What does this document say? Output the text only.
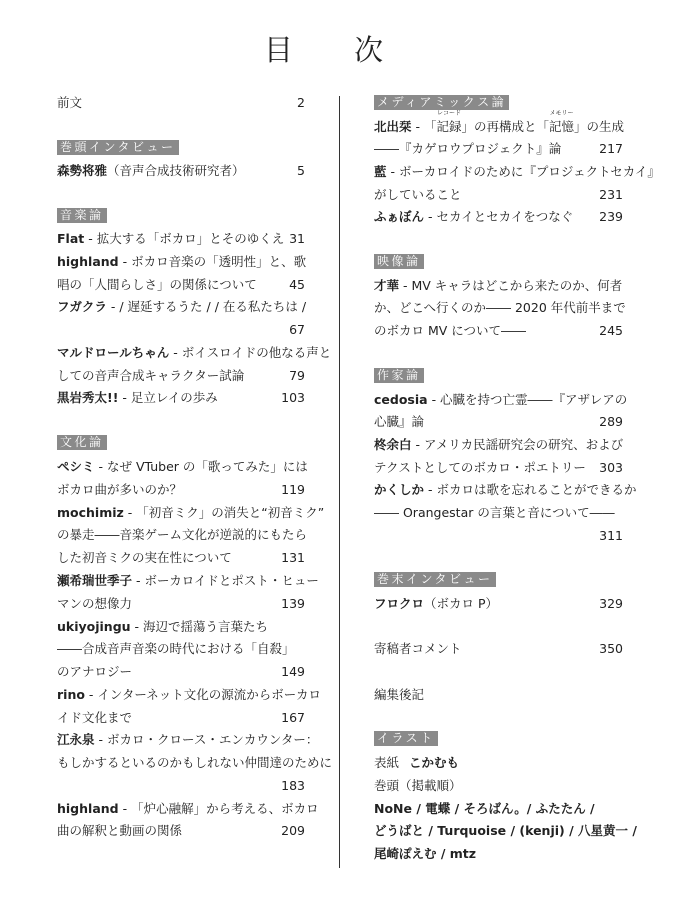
目 次
前文	2
巻頭インタビュー
森勢将雅（音声合成技術研究者）	5
音楽論
Flat - 拡大する「ボカロ」とそのゆくえ 31
highland - ボカロ音楽の「透明性」と、歌
唱の「人間らしさ」の関係について	45
フガクラ - / 遅延するうた / / 在る私たちは /
67
マルドロールちゃん - ボイスロイドの他なる声と
しての音声合成キャラクター試論	79
黒岩秀太!! - 足立レイの歩み	103
文化論
ペシミ - なぜ VTuber の「歌ってみた」には
ボカロ曲が多いのか？	119
mochimiz - 「初音ミク」の消失と“初音ミク”
の暴走――音楽ゲーム文化が逆説的にもたら
した初音ミクの実在性について	131
瀬希瑞世季子 - ボーカロイドとポスト・ヒュー
マンの想像力	139
ukiyojingu - 海辺で揺蕩う言葉たち
――合成音声音楽の時代における「自殺」
のアナロジー	149
rino - インターネット文化の源流からボーカロ
イド文化まで	167
江永泉 - ボカロ・クロース・エンカウンター：
もしかするといるのかもしれない仲間達のために
183
highland - 「炉心融解」から考える、ボカロ
曲の解釈と動画の関係	209
メディアミックス論
北出栞 - 「
レコード
記録」の再構成と「
メモリー
記憶」の生成
――『カゲロウプロジェクト』論	217
藍 - ボーカロイドのために『プロジェクトセカイ』
がしていること	231
ふぁぼん - セカイとセカイをつなぐ 239
映像論
才華 - MV キャラはどこから来たのか、何者
か、どこへ行くのか―― 2020 年代前半まで
のボカロ MV について――	245
作家論
cedosia - 心臓を持つ亡霊――『アザレアの
心臓』論	289
柊余白 - アメリカ民謡研究会の研究、および
テクストとしてのボカロ・ポエトリー 303
かくしか - ボカロは歌を忘れることができるか
―― Orangestar の言葉と音について――
311
巻末インタビュー
フロクロ（ボカロ P）	329
寄稿者コメント	350
編集後記
イラスト
表紙 こかむも
巻頭（掲載順）
NoNe / 電蝶 / そろばん。/ ふたたん /
どうばと / Turquoise / (kenji) / 八星黄一 /
尾崎ぽえむ / mtz
